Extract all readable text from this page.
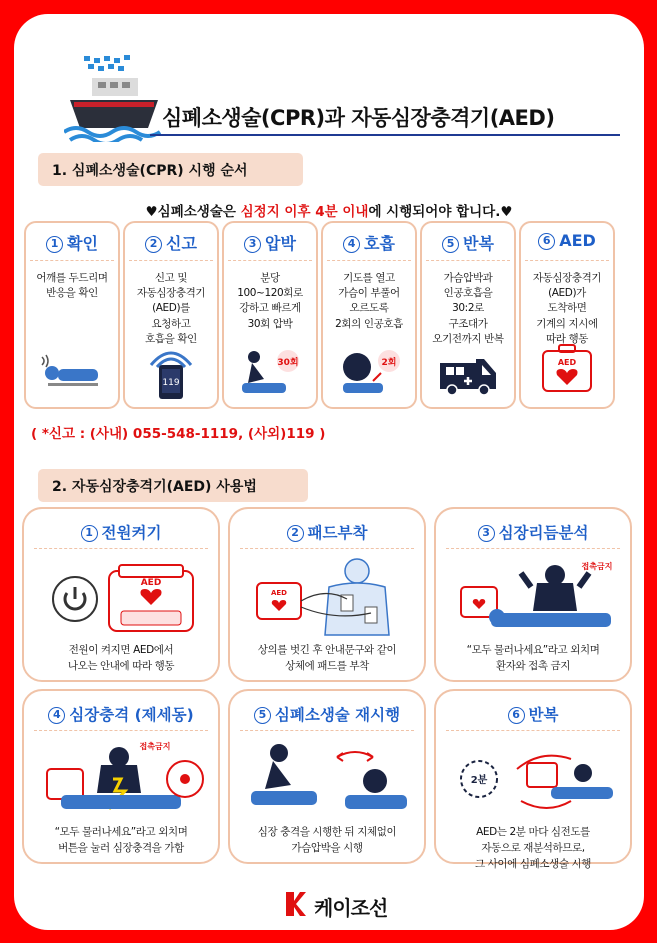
심폐소생술(CPR)과 자동심장충격기(AED)
1. 심폐소생술(CPR) 시행 순서
♥심폐소생술은 심정지 이후 4분 이내에 시행되어야 합니다.♥
1 확인
어깨를 두드리며
반응을 확인
2 신고
신고 및
자동심장충격기
(AED)를
요청하고
호흡을 확인
119
3 압박
분당
100~120회로
강하고 빠르게
30회 압박
30회
4 호흡
기도를 열고
가슴이 부풀어
오르도록
2회의 인공호흡
2회
5 반복
가슴압박과
인공호흡을
30:2로
구조대가
오기전까지 반복
6 AED
자동심장충격기
(AED)가
도착하면
기계의 지시에
따라 행동
AED
( *신고 : (사내) 055-548-1119, (사외)119 )
2. 자동심장충격기(AED) 사용법
1 전원켜기
AED
전원이 켜지면 AED에서
나오는 안내에 따라 행동
2 패드부착
AED
상의를 벗긴 후 안내문구와 같이
상체에 패드를 부착
3 심장리듬분석
접촉금지
“모두 물러나세요”라고 외치며
환자와 접촉 금지
4 심장충격 (제세동)
접촉금지
“모두 물러나세요”라고 외치며
버튼을 눌러 심장충격을 가함
5 심폐소생술 재시행
심장 충격을 시행한 뒤 지체없이
가슴압박을 시행
6 반복
2분
AED는 2분 마다 심전도를
자동으로 재분석하므로,
그 사이에 심폐소생술 시행
케이조선
